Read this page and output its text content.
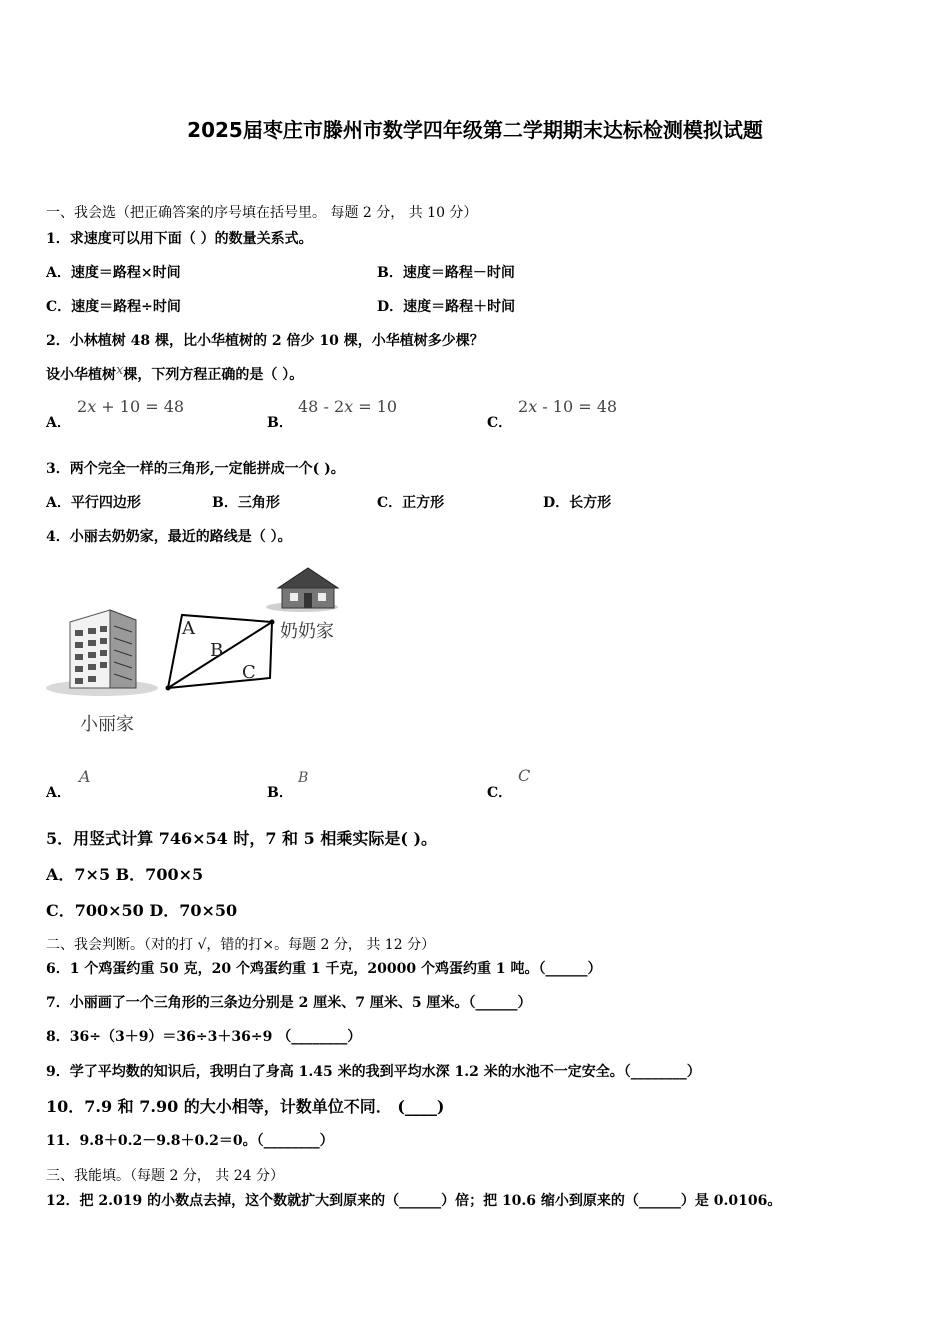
2025届枣庄市滕州市数学四年级第二学期期末达标检测模拟试题
一、我会选（把正确答案的序号填在括号里。 每题 2 分， 共 10 分）
1．求速度可以用下面（ ）的数量关系式。
A．速度＝路程×时间	B．速度＝路程－时间
C．速度＝路程÷时间	D．速度＝路程＋时间
2．小林植树 48 棵，比小华植树的 2 倍少 10 棵，小华植树多少棵？
设小华植树x棵，下列方程正确的是（ ）。
A．
2x + 10 = 48
B．
48 - 2x = 10
C．
2x - 10 = 48
3．两个完全一样的三角形,一定能拼成一个( )。
A．平行四边形	B．三角形	C．正方形	D．长方形
4．小丽去奶奶家，最近的路线是（ ）。
A
B
C
奶奶家
小丽家
A．
A
B．
B
C．
C
5．用竖式计算 746×54 时，7 和 5 相乘实际是( )。
A．7×5 B．700×5
C．700×50 D．70×50
二、我会判断。（对的打 √，错的打×。每题 2 分， 共 12 分）
6．1 个鸡蛋约重 50 克，20 个鸡蛋约重 1 千克，20000 个鸡蛋约重 1 吨。（______）
7．小丽画了一个三角形的三条边分别是 2 厘米、7 厘米、5 厘米。（______）
8．36÷（3＋9）＝36÷3＋36÷9 （________）
9．学了平均数的知识后，我明白了身高 1.45 米的我到平均水深 1.2 米的水池不一定安全。（________）
10．7.9 和 7.90 的大小相等，计数单位不同． (____)
11．9.8＋0.2－9.8＋0.2＝0。（________）
三、我能填。（每题 2 分， 共 24 分）
12．把 2.019 的小数点去掉，这个数就扩大到原来的（______）倍；把 10.6 缩小到原来的（______）是 0.0106。
